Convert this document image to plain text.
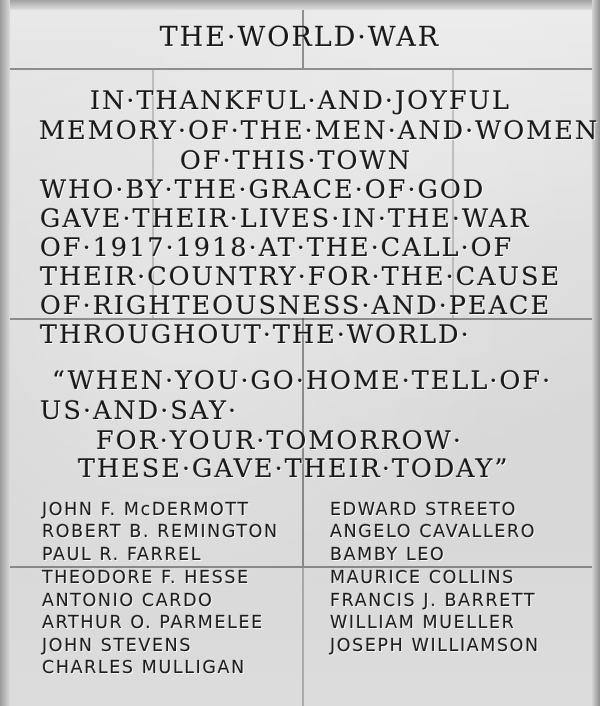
THE·WORLD·WAR
IN·THANKFUL·AND·JOYFUL
MEMORY·OF·THE·MEN·AND·WOMEN
OF·THIS·TOWN
WHO·BY·THE·GRACE·OF·GOD
GAVE·THEIR·LIVES·IN·THE·WAR
OF·1917·1918·AT·THE·CALL·OF
THEIR·COUNTRY·FOR·THE·CAUSE
OF·RIGHTEOUSNESS·AND·PEACE
THROUGHOUT·THE·WORLD·
“WHEN·YOU·GO·HOME·TELL·OF·
US·AND·SAY·
FOR·YOUR·TOMORROW·
THESE·GAVE·THEIR·TODAY”
JOHN F. McDERMOTT
ROBERT B. REMINGTON
PAUL R. FARREL
THEODORE F. HESSE
ANTONIO CARDO
ARTHUR O. PARMELEE
JOHN STEVENS
CHARLES MULLIGAN
EDWARD STREETO
ANGELO CAVALLERO
BAMBY LEO
MAURICE COLLINS
FRANCIS J. BARRETT
WILLIAM MUELLER
JOSEPH WILLIAMSON
